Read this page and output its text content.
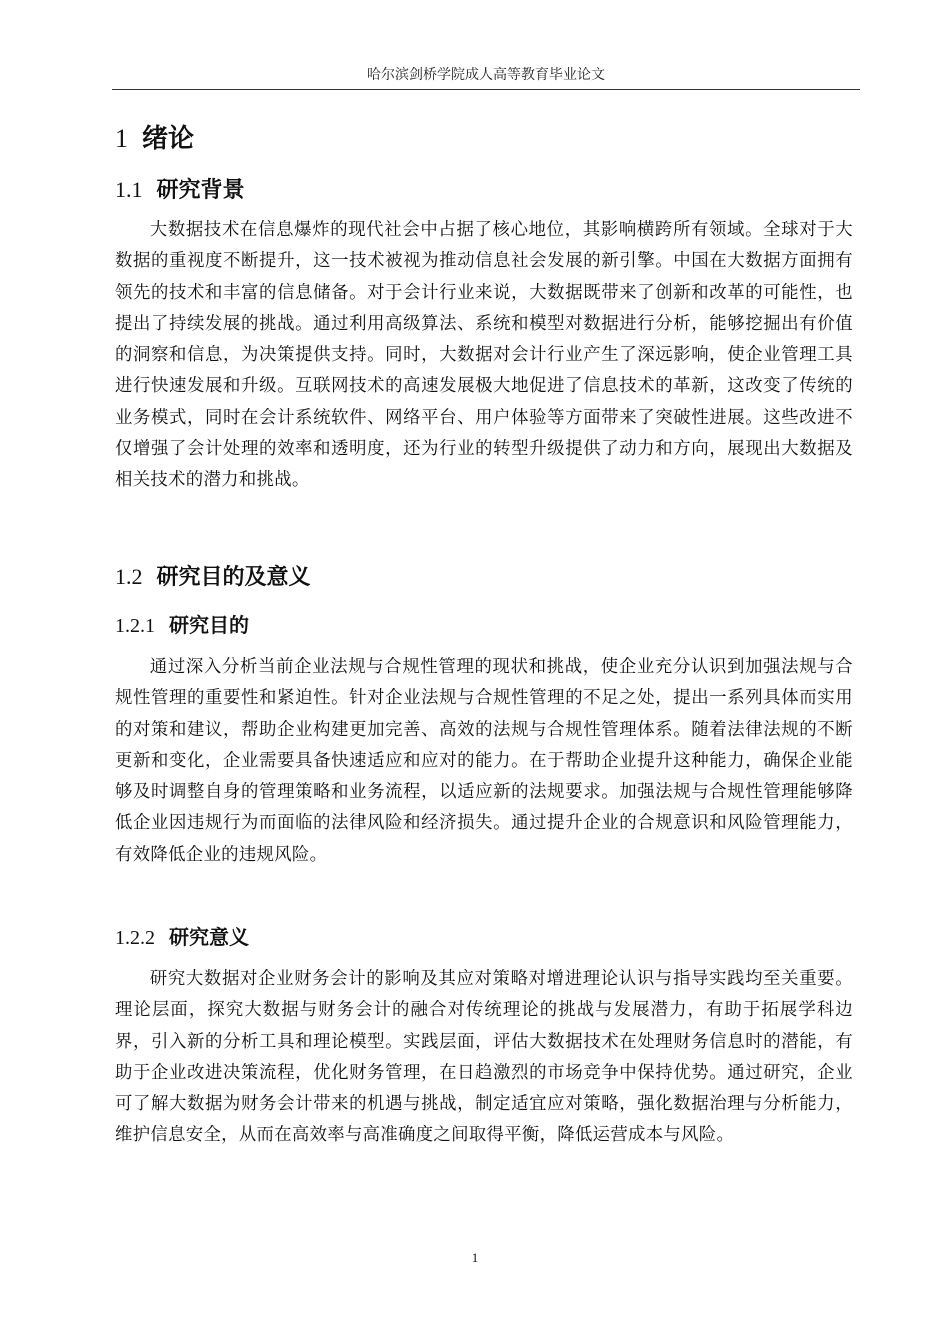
哈尔滨剑桥学院成人高等教育毕业论文
1 绪论
1.1 研究背景

大数据技术在信息爆炸的现代社会中占据了核心地位，其影响横跨所有领域。全球对于大数据的重视度不断提升，这一技术被视为推动信息社会发展的新引擎。中国在大数据方面拥有领先的技术和丰富的信息储备。对于会计行业来说，大数据既带来了创新和改革的可能性，也提出了持续发展的挑战。通过利用高级算法、系统和模型对数据进行分析，能够挖掘出有价值的洞察和信息，为决策提供支持。同时，大数据对会计行业产生了深远影响，使企业管理工具进行快速发展和升级。互联网技术的高速发展极大地促进了信息技术的革新，这改变了传统的业务模式，同时在会计系统软件、网络平台、用户体验等方面带来了突破性进展。这些改进不仅增强了会计处理的效率和透明度，还为行业的转型升级提供了动力和方向，展现出大数据及相关技术的潜力和挑战。

1.2 研究目的及意义
1.2.1 研究目的

通过深入分析当前企业法规与合规性管理的现状和挑战，使企业充分认识到加强法规与合规性管理的重要性和紧迫性。针对企业法规与合规性管理的不足之处，提出一系列具体而实用的对策和建议，帮助企业构建更加完善、高效的法规与合规性管理体系。随着法律法规的不断更新和变化，企业需要具备快速适应和应对的能力。在于帮助企业提升这种能力，确保企业能够及时调整自身的管理策略和业务流程，以适应新的法规要求。加强法规与合规性管理能够降低企业因违规行为而面临的法律风险和经济损失。通过提升企业的合规意识和风险管理能力，有效降低企业的违规风险。

1.2.2 研究意义

研究大数据对企业财务会计的影响及其应对策略对增进理论认识与指导实践均至关重要。理论层面，探究大数据与财务会计的融合对传统理论的挑战与发展潜力，有助于拓展学科边界，引入新的分析工具和理论模型。实践层面，评估大数据技术在处理财务信息时的潜能，有助于企业改进决策流程，优化财务管理，在日趋激烈的市场竞争中保持优势。通过研究，企业可了解大数据为财务会计带来的机遇与挑战，制定适宜应对策略，强化数据治理与分析能力，维护信息安全，从而在高效率与高准确度之间取得平衡，降低运营成本与风险。

1
